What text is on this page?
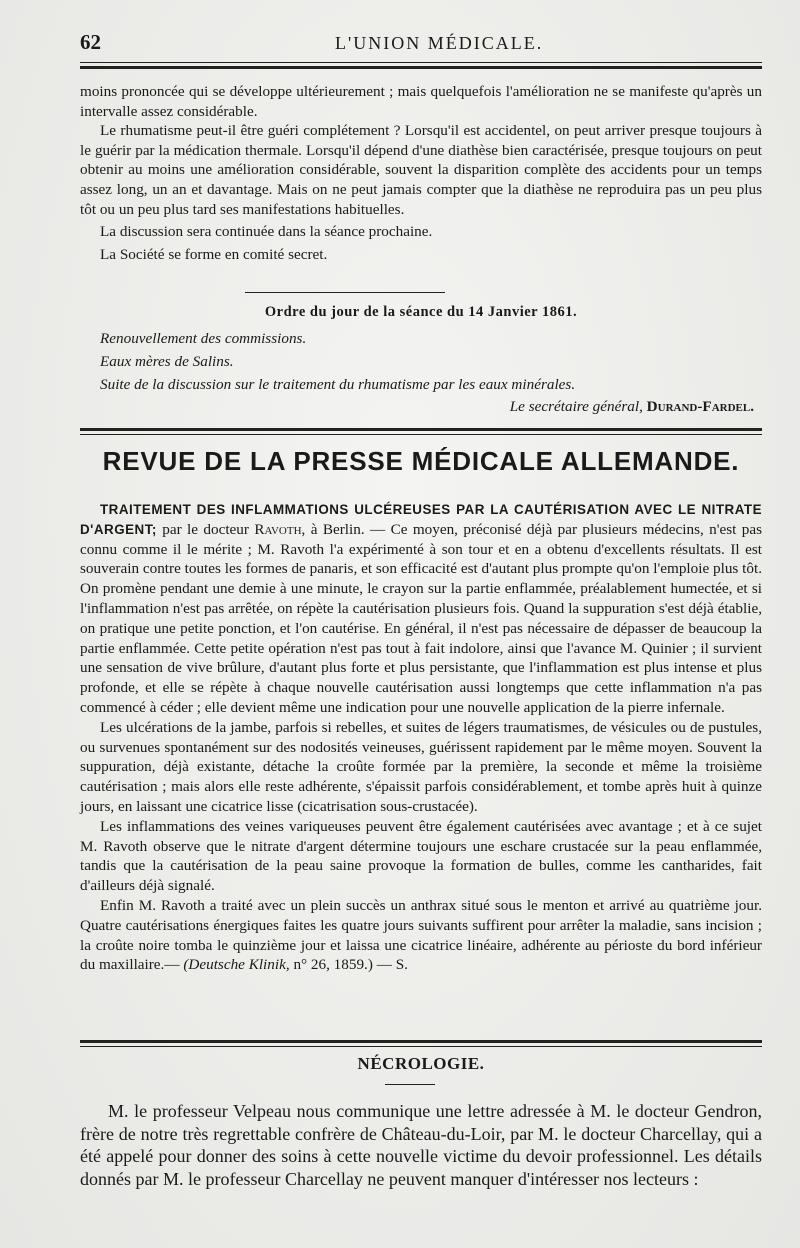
62	L'UNION MÉDICALE.

moins prononcée qui se développe ultérieurement ; mais quelquefois l'amélioration ne se manifeste qu'après un intervalle assez considérable.

Le rhumatisme peut-il être guéri complétement ? Lorsqu'il est accidentel, on peut arriver presque toujours à le guérir par la médication thermale. Lorsqu'il dépend d'une diathèse bien caractérisée, presque toujours on peut obtenir au moins une amélioration considérable, souvent la disparition complète des accidents pour un temps assez long, un an et davantage. Mais on ne peut jamais compter que la diathèse ne reproduira pas un peu plus tôt ou un peu plus tard ses manifestations habituelles.

La discussion sera continuée dans la séance prochaine.

La Société se forme en comité secret.

Ordre du jour de la séance du 14 Janvier 1861.

Renouvellement des commissions.

Eaux mères de Salins.

Suite de la discussion sur le traitement du rhumatisme par les eaux minérales.

Le secrétaire général, Durand-Fardel.

REVUE DE LA PRESSE MÉDICALE ALLEMANDE.

TRAITEMENT DES INFLAMMATIONS ULCÉREUSES PAR LA CAUTÉRISATION AVEC LE NITRATE D'ARGENT; par le docteur Ravoth, à Berlin. — Ce moyen, préconisé déjà par plusieurs médecins, n'est pas connu comme il le mérite ; M. Ravoth l'a expérimenté à son tour et en a obtenu d'excellents résultats. Il est souverain contre toutes les formes de panaris, et son efficacité est d'autant plus prompte qu'on l'emploie plus tôt. On promène pendant une demie à une minute, le crayon sur la partie enflammée, préalablement humectée, et si l'inflammation n'est pas arrêtée, on répète la cautérisation plusieurs fois. Quand la suppuration s'est déjà établie, on pratique une petite ponction, et l'on cautérise. En général, il n'est pas nécessaire de dépasser de beaucoup la partie enflammée. Cette petite opération n'est pas tout à fait indolore, ainsi que l'avance M. Quinier ; il survient une sensation de vive brûlure, d'autant plus forte et plus persistante, que l'inflammation est plus intense et plus profonde, et elle se répète à chaque nouvelle cautérisation aussi longtemps que cette inflammation n'a pas commencé à céder ; elle devient même une indication pour une nouvelle application de la pierre infernale.

Les ulcérations de la jambe, parfois si rebelles, et suites de légers traumatismes, de vésicules ou de pustules, ou survenues spontanément sur des nodosités veineuses, guérissent rapidement par le même moyen. Souvent la suppuration, déjà existante, détache la croûte formée par la première, la seconde et même la troisième cautérisation ; mais alors elle reste adhérente, s'épaissit parfois considérablement, et tombe après huit à quinze jours, en laissant une cicatrice lisse (cicatrisation sous-crustacée).

Les inflammations des veines variqueuses peuvent être également cautérisées avec avantage ; et à ce sujet M. Ravoth observe que le nitrate d'argent détermine toujours une eschare crustacée sur la peau enflammée, tandis que la cautérisation de la peau saine provoque la formation de bulles, comme les cantharides, fait d'ailleurs déjà signalé.

Enfin M. Ravoth a traité avec un plein succès un anthrax situé sous le menton et arrivé au quatrième jour. Quatre cautérisations énergiques faites les quatre jours suivants suffirent pour arrêter la maladie, sans incision ; la croûte noire tomba le quinzième jour et laissa une cicatrice linéaire, adhérente au périoste du bord inférieur du maxillaire.— (Deutsche Klinik, n° 26, 1859.) — S.

NÉCROLOGIE.

M. le professeur Velpeau nous communique une lettre adressée à M. le docteur Gendron, frère de notre très regrettable confrère de Château-du-Loir, par M. le docteur Charcellay, qui a été appelé pour donner des soins à cette nouvelle victime du devoir professionnel. Les détails donnés par M. le professeur Charcellay ne peuvent manquer d'intéresser nos lecteurs :
